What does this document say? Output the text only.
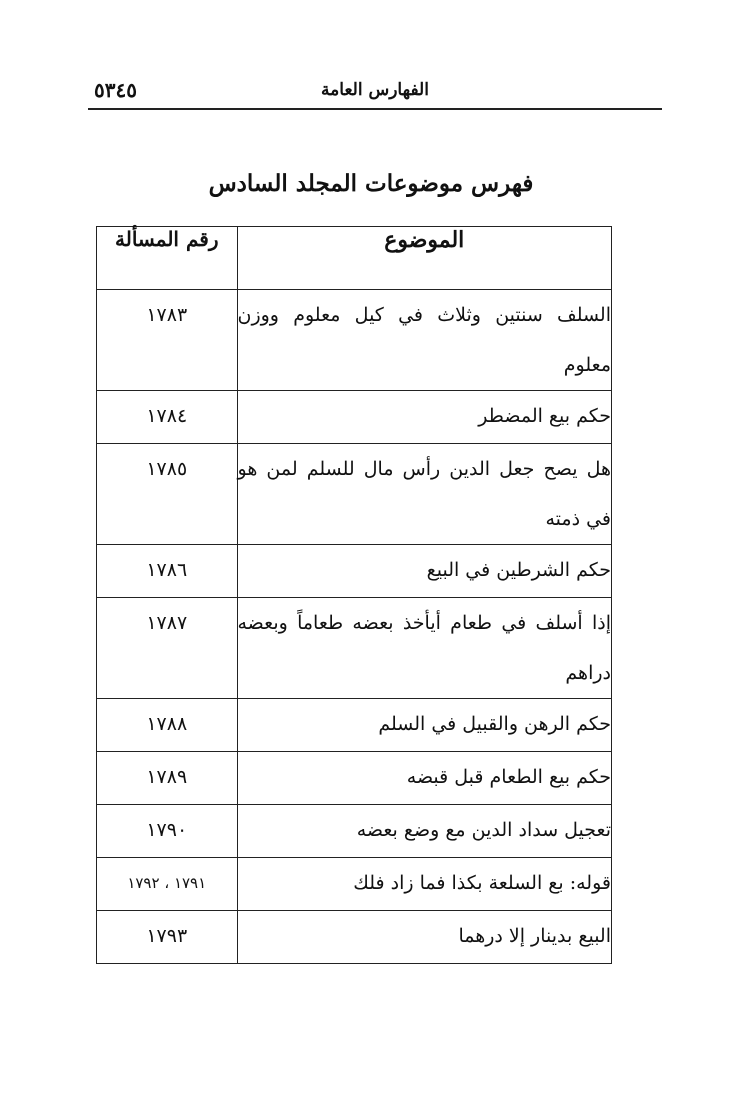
٥٣٤٥	الفهارس العامة
فهرس موضوعات المجلد السادس
الموضوع	رقم المسألة
السلف سنتين وثلاث في كيل معلوم ووزن معلوم	١٧٨٣
حكم بيع المضطر	١٧٨٤
هل يصح جعل الدين رأس مال للسلم لمن هو في ذمته	١٧٨٥
حكم الشرطين في البيع	١٧٨٦
إذا أسلف في طعام أيأخذ بعضه طعاماً وبعضه دراهم	١٧٨٧
حكم الرهن والقبيل في السلم	١٧٨٨
حكم بيع الطعام قبل قبضه	١٧٨٩
تعجيل سداد الدين مع وضع بعضه	١٧٩٠
قوله: بع السلعة بكذا فما زاد فلك	١٧٩١ ، ١٧٩٢
البيع بدينار إلا درهما	١٧٩٣
